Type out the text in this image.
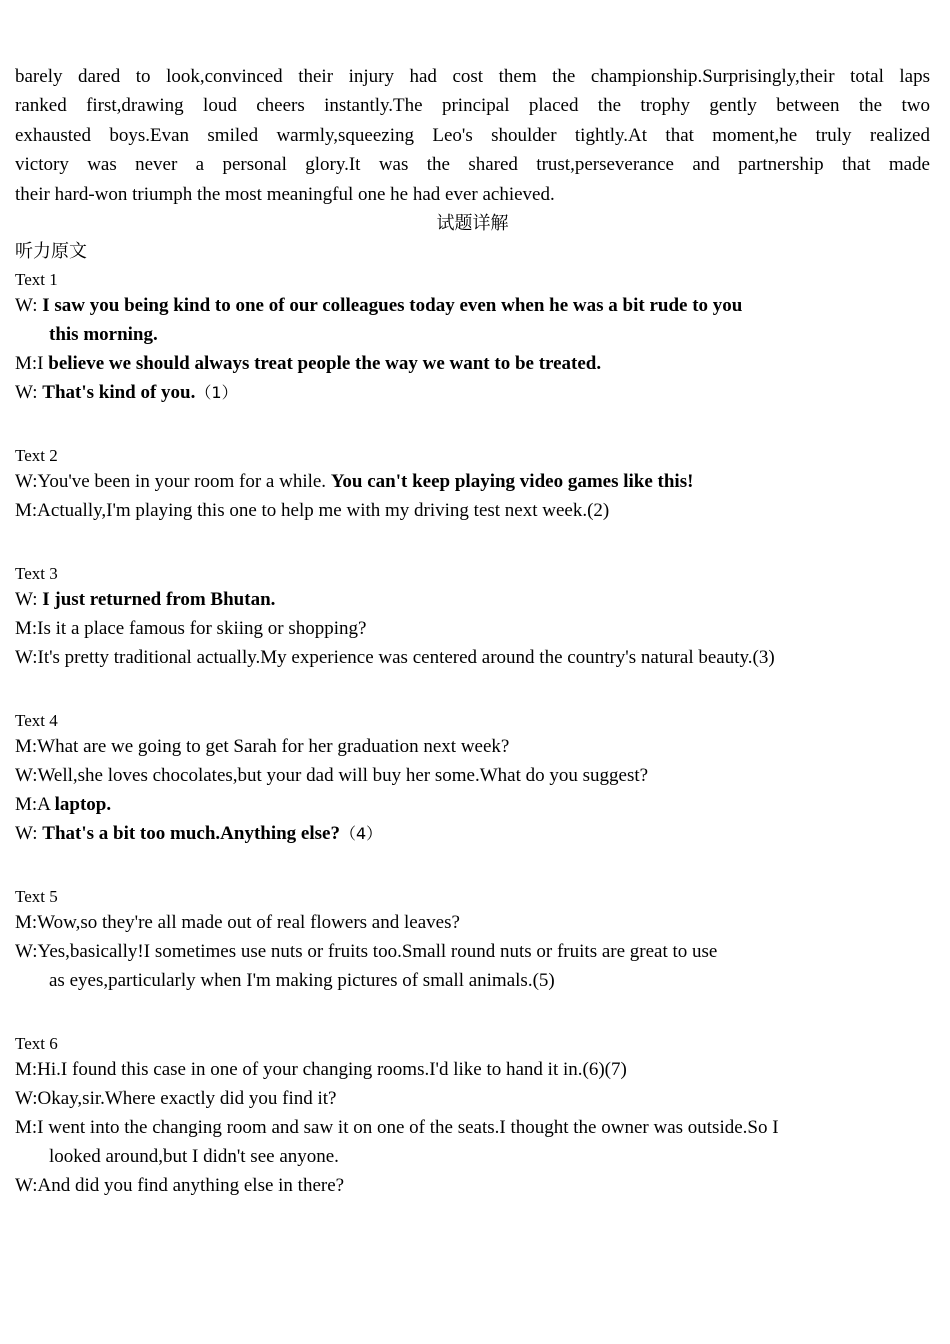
barely dared to look,convinced their injury had cost them the championship.Surprisingly,their total laps

ranked first,drawing loud cheers instantly.The principal placed the trophy gently between the two

exhausted boys.Evan smiled warmly,squeezing Leo's shoulder tightly.At that moment,he truly realized

victory was never a personal glory.It was the shared trust,perseverance and partnership that made

their hard-won triumph the most meaningful one he had ever achieved.

试题详解
听力原文
Text 1
W: I saw you being kind to one of our colleagues today even when he was a bit rude to you
this morning.
M:I believe we should always treat people the way we want to be treated.
W: That's kind of you.（1）
Text 2
W:You've been in your room for a while. You can't keep playing video games like this!
M:Actually,I'm playing this one to help me with my driving test next week.(2)
Text 3
W: I just returned from Bhutan.
M:Is it a place famous for skiing or shopping?
W:It's pretty traditional actually.My experience was centered around the country's natural beauty.(3)
Text 4
M:What are we going to get Sarah for her graduation next week?
W:Well,she loves chocolates,but your dad will buy her some.What do you suggest?
M:A laptop.
W: That's a bit too much.Anything else?（4）
Text 5
M:Wow,so they're all made out of real flowers and leaves?
W:Yes,basically!I sometimes use nuts or fruits too.Small round nuts or fruits are great to use
as eyes,particularly when I'm making pictures of small animals.(5)
Text 6
M:Hi.I found this case in one of your changing rooms.I'd like to hand it in.(6)(7)
W:Okay,sir.Where exactly did you find it?
M:I went into the changing room and saw it on one of the seats.I thought the owner was outside.So I
looked around,but I didn't see anyone.
W:And did you find anything else in there?
